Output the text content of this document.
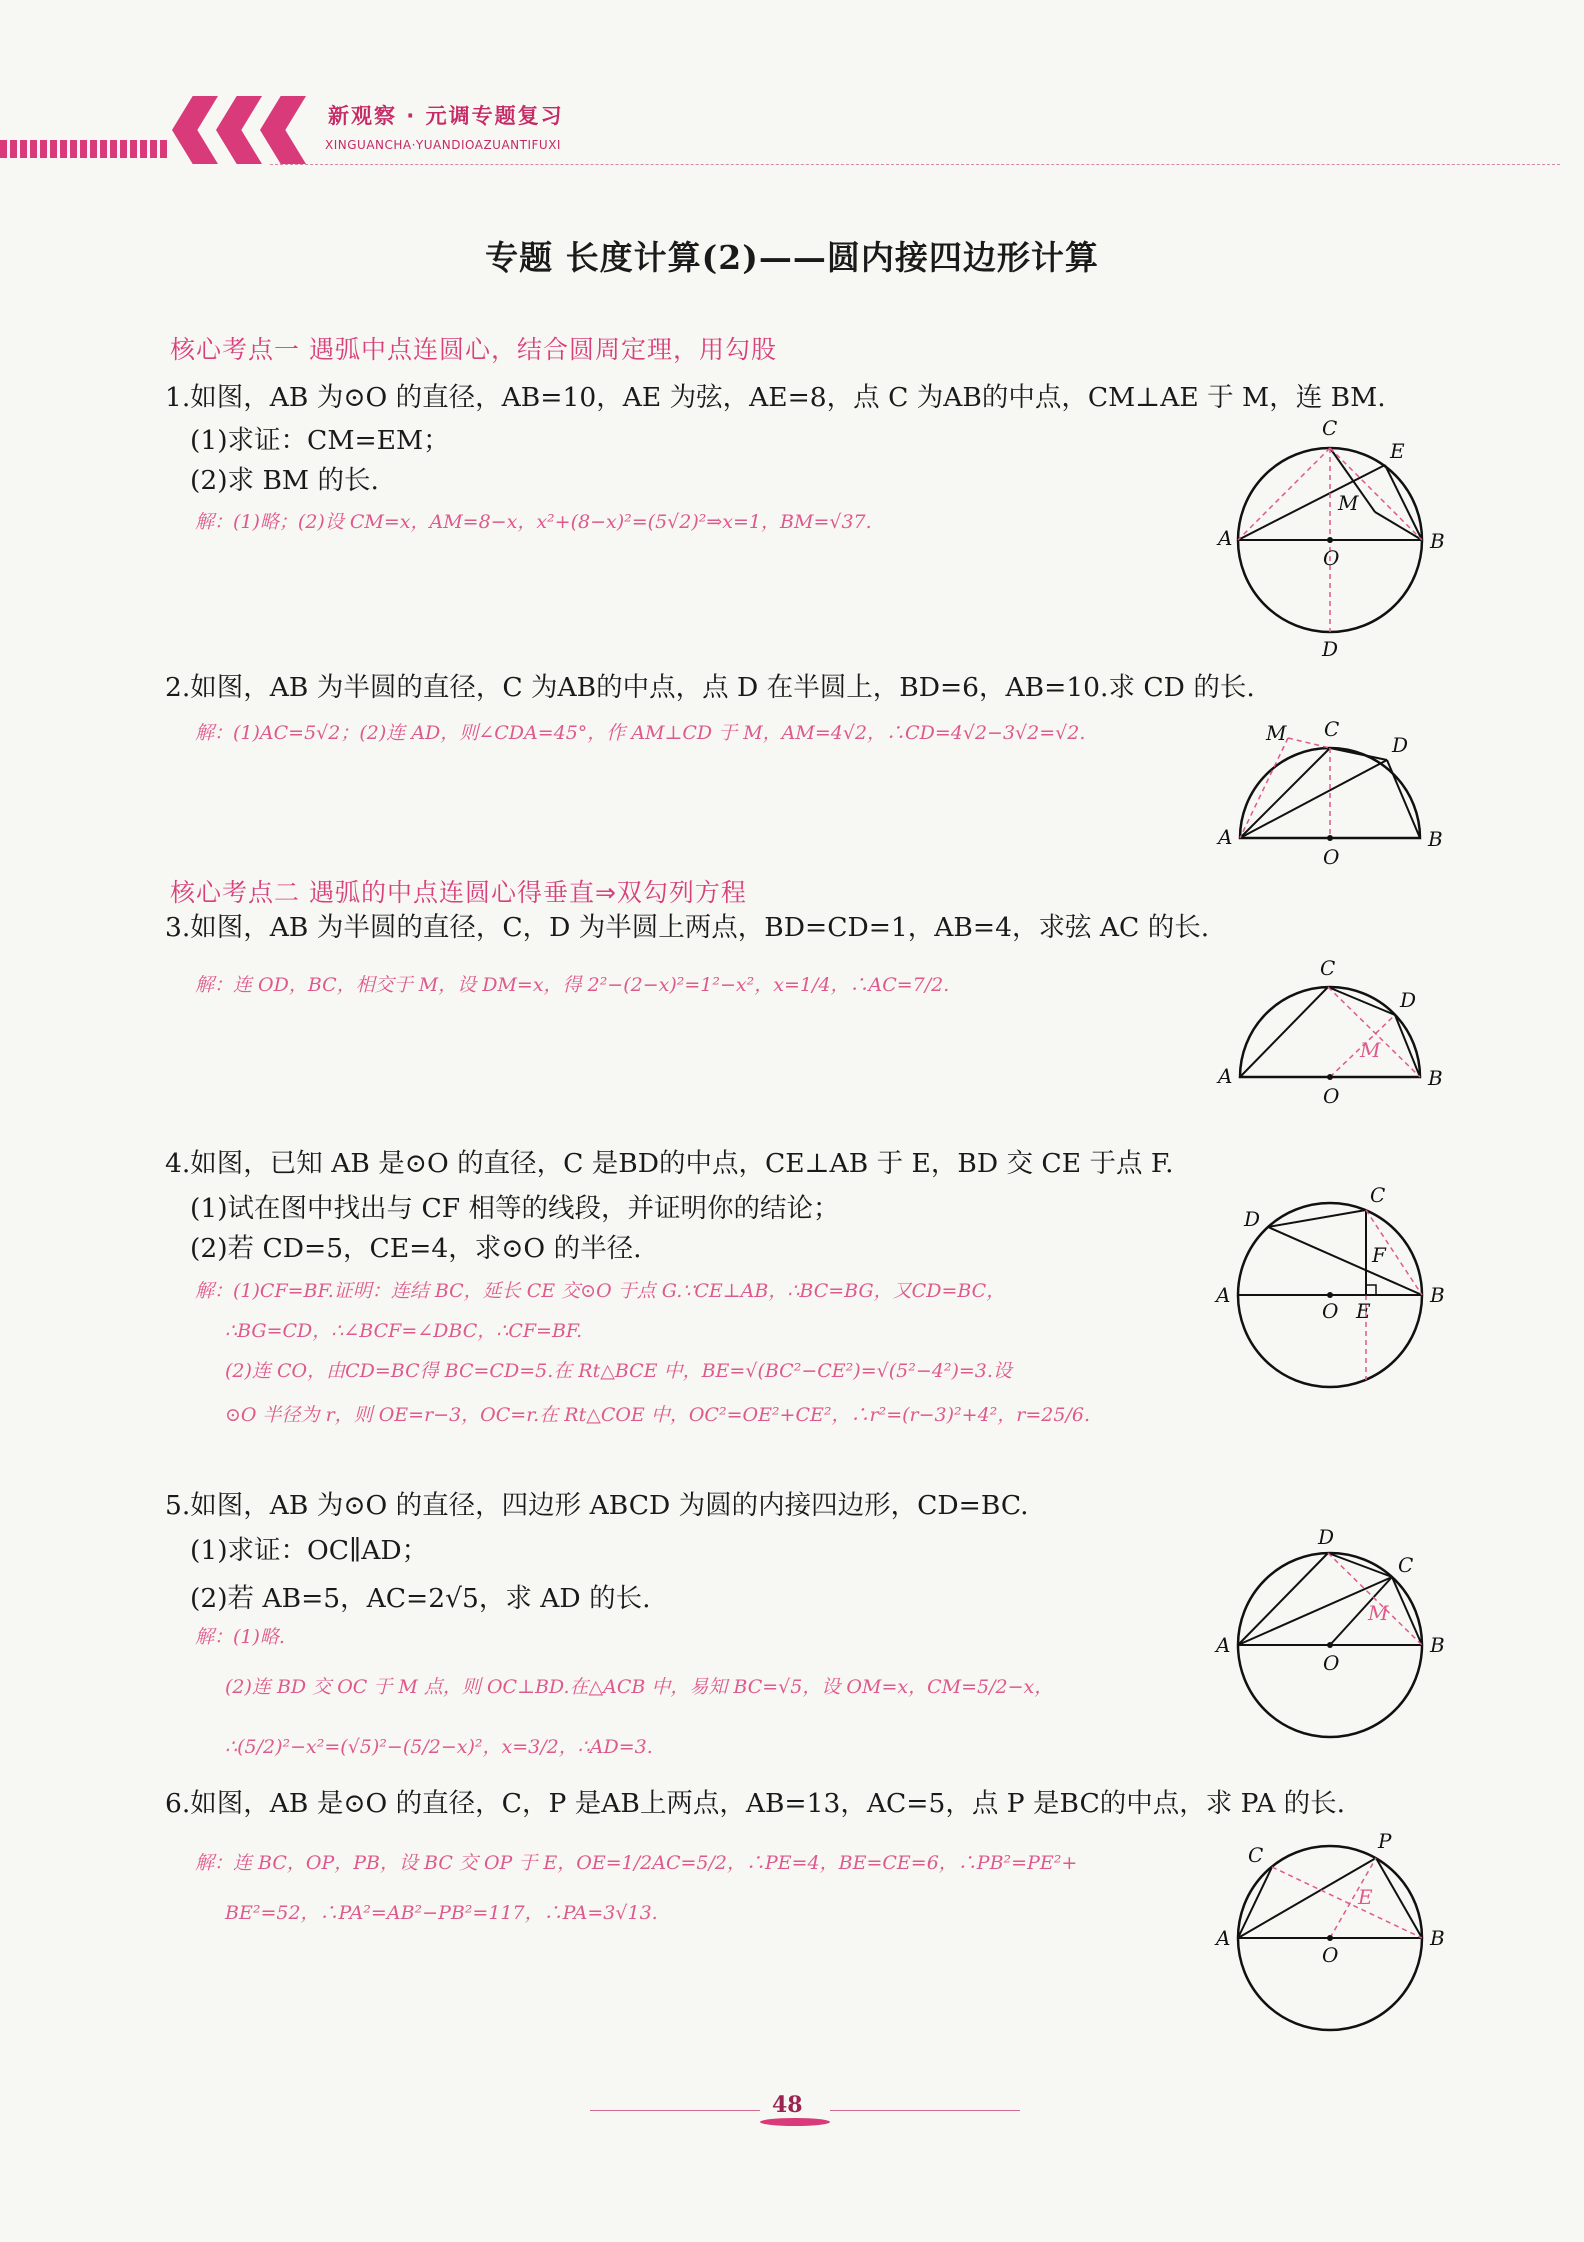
新观察 · 元调专题复习
XINGUANCHA·YUANDIOAZUANTIFUXI
专题 长度计算(2)——圆内接四边形计算
核心考点一 遇弧中点连圆心，结合圆周定理，用勾股
1.如图，AB 为⊙O 的直径，AB=10，AE 为弦，AE=8，点 C 为AB的中点，CM⊥AE 于 M，连 BM.
(1)求证：CM=EM；
(2)求 BM 的长.
解：(1)略；(2)设 CM=x，AM=8−x，x²+(8−x)²=(5√2)²⇒x=1，BM=√37.
C
E
M
A
O
B
D
2.如图，AB 为半圆的直径，C 为AB的中点，点 D 在半圆上，BD=6，AB=10.求 CD 的长.
解：(1)AC=5√2；(2)连 AD，则∠CDA=45°，作 AM⊥CD 于 M，AM=4√2，∴CD=4√2−3√2=√2.	M C
D
A
O
B
核心考点二 遇弧的中点连圆心得垂直⇒双勾列方程
3.如图，AB 为半圆的直径，C，D 为半圆上两点，BD=CD=1，AB=4，求弦 AC 的长.
解：连 OD，BC，相交于 M，设 DM=x，得 2²−(2−x)²=1²−x²，x=1/4，∴AC=7/2.
C
D
M
A
O
B
4.如图，已知 AB 是⊙O 的直径，C 是BD的中点，CE⊥AB 于 E，BD 交 CE 于点 F.
(1)试在图中找出与 CF 相等的线段，并证明你的结论；
(2)若 CD=5，CE=4，求⊙O 的半径.
解：(1)CF=BF.证明：连结 BC，延长 CE 交⊙O 于点 G.∵CE⊥AB，∴BC=BG，又CD=BC，
∴BG=CD，∴∠BCF=∠DBC，∴CF=BF.
(2)连 CO，由CD=BC得 BC=CD=5.在 Rt△BCE 中，BE=√(BC²−CE²)=√(5²−4²)=3.设
⊙O 半径为 r，则 OE=r−3，OC=r.在 Rt△COE 中，OC²=OE²+CE²，∴r²=(r−3)²+4²，r=25/6.
C
D
F
A
O E
B
5.如图，AB 为⊙O 的直径，四边形 ABCD 为圆的内接四边形，CD=BC.
(1)求证：OC∥AD；
(2)若 AB=5，AC=2√5，求 AD 的长.
解：(1)略.
(2)连 BD 交 OC 于 M 点，则 OC⊥BD.在△ACB 中，易知 BC=√5，设 OM=x，CM=5/2−x，
∴(5/2)²−x²=(√5)²−(5/2−x)²，x=3/2，∴AD=3.
D
C
M
A
O
B
6.如图，AB 是⊙O 的直径，C，P 是AB上两点，AB=13，AC=5，点 P 是BC的中点，求 PA 的长.
解：连 BC，OP，PB，设 BC 交 OP 于 E，OE=1/2AC=5/2，∴PE=4，BE=CE=6，∴PB²=PE²+
BE²=52，∴PA²=AB²−PB²=117，∴PA=3√13.
C
P
E
A
O
B
48
